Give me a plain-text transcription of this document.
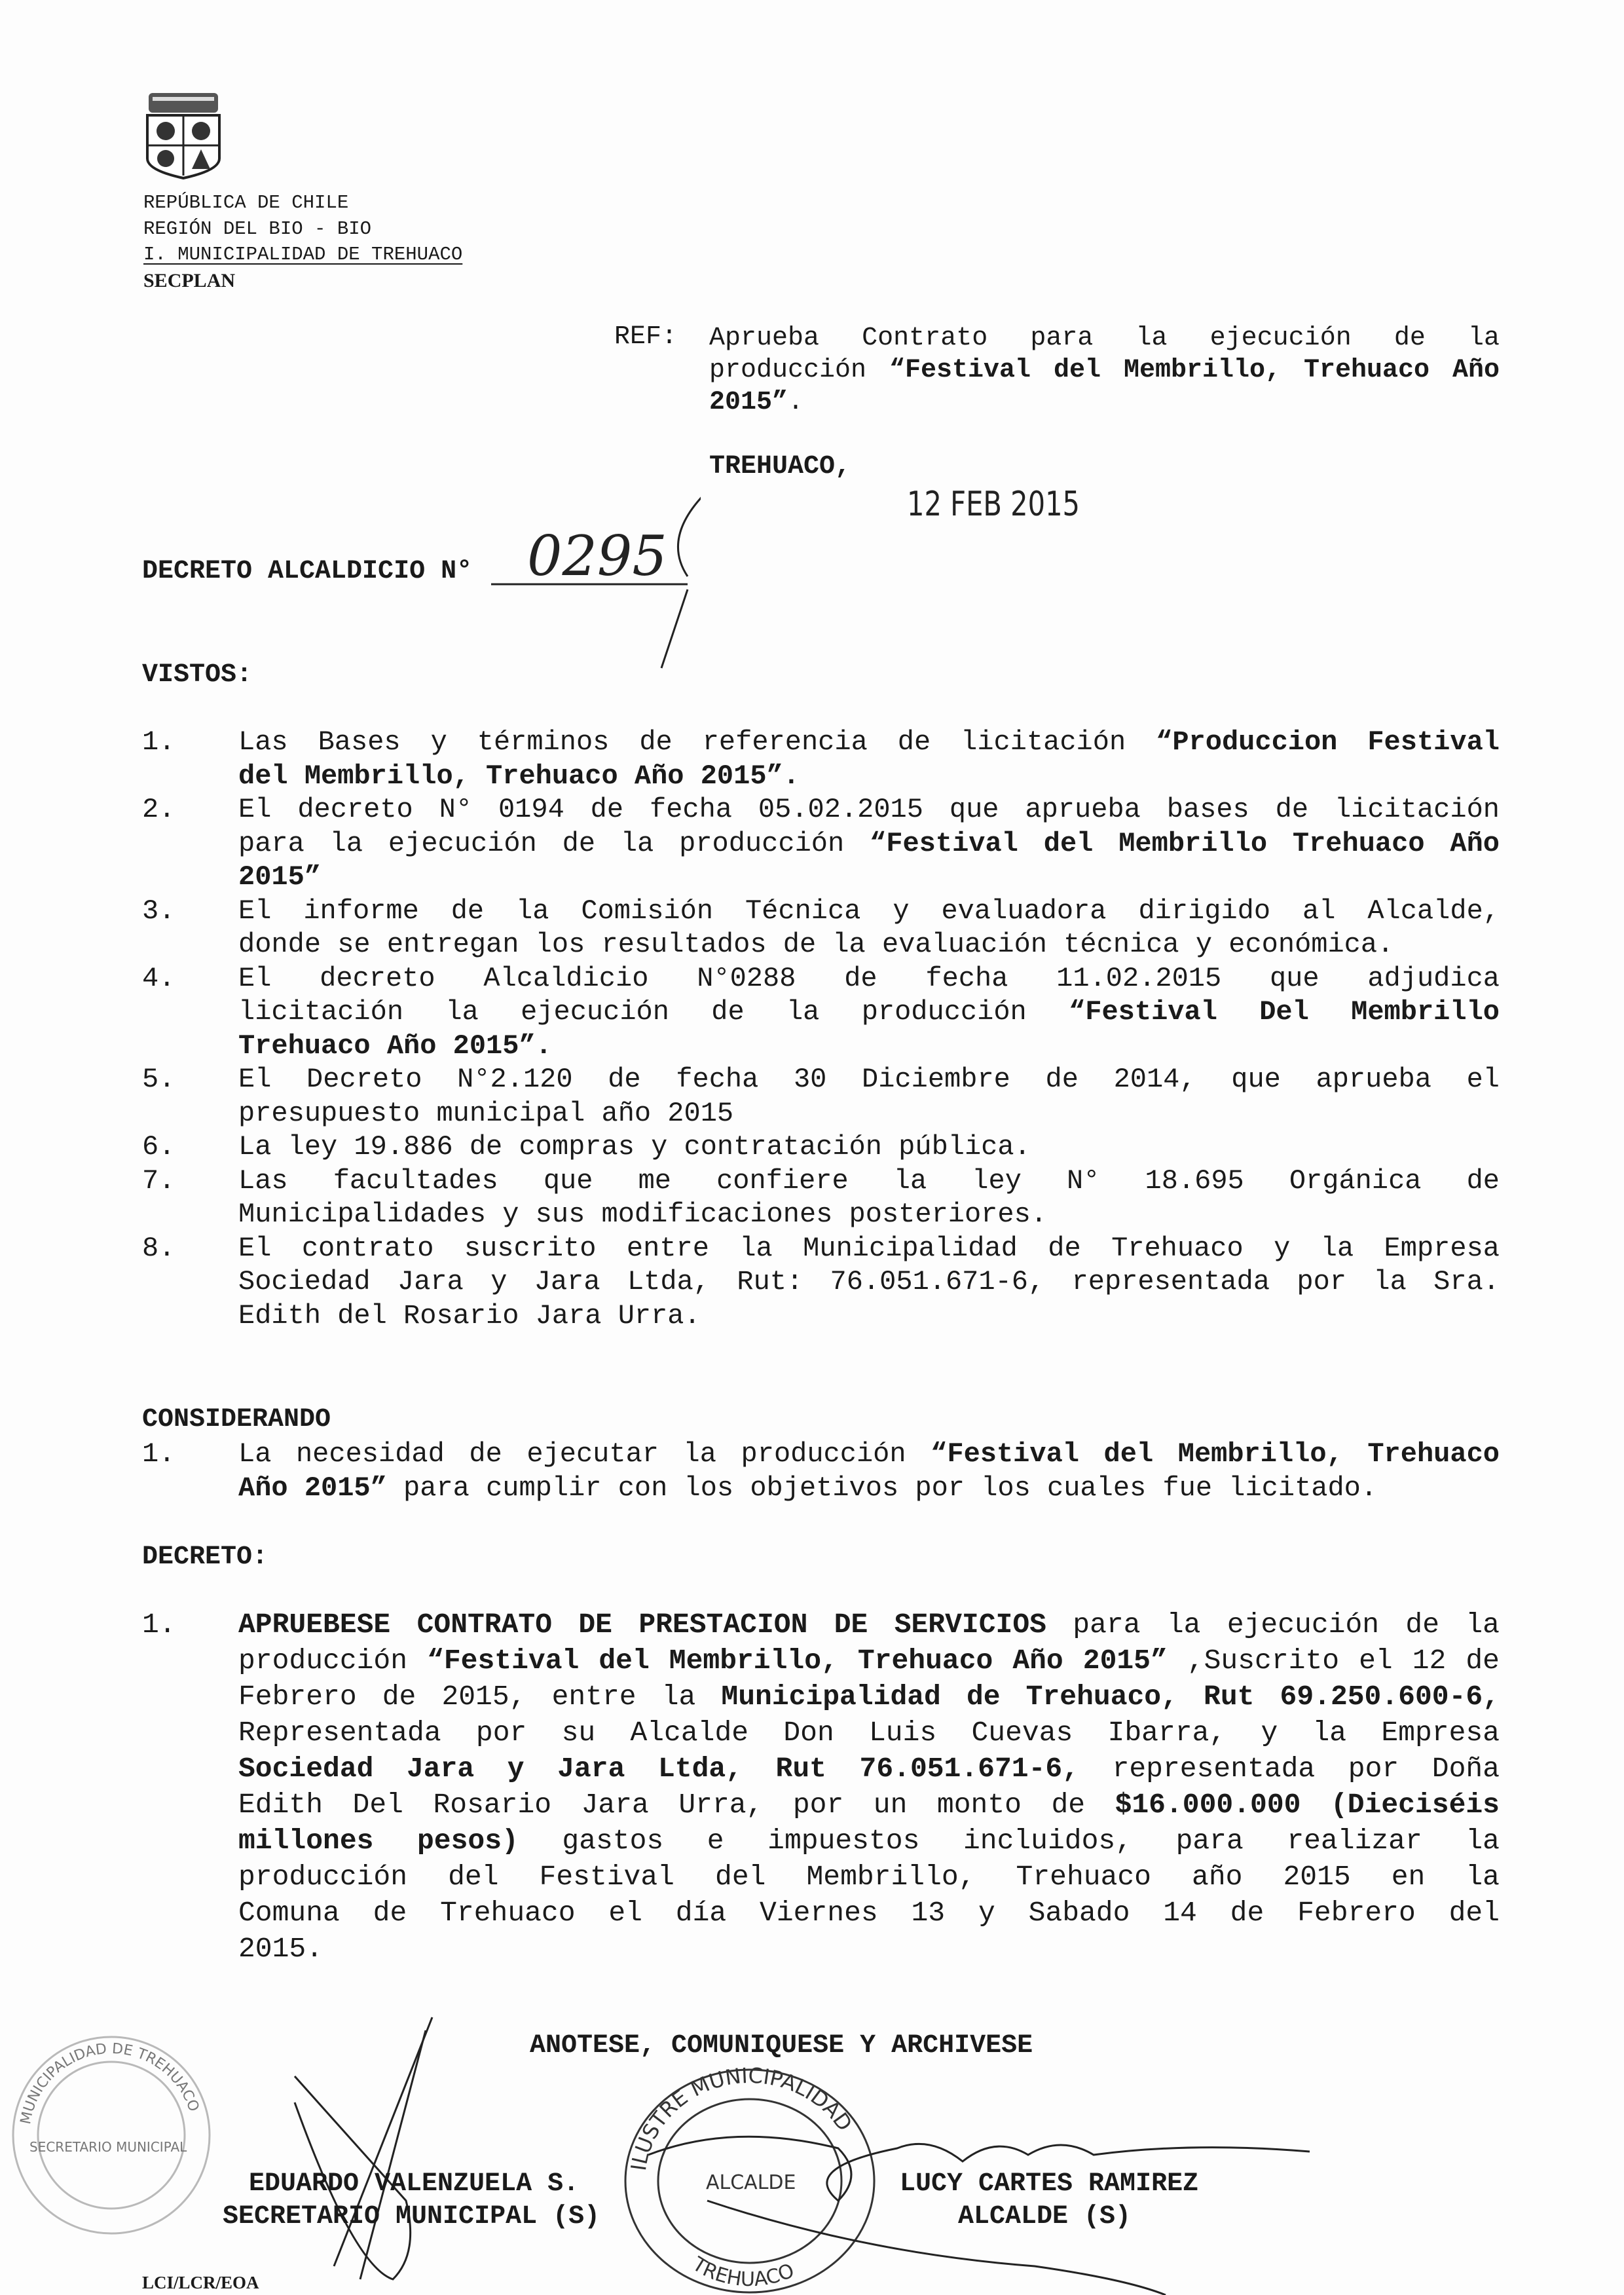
REPÚBLICA DE CHILE
REGIÓN DEL BIO - BIO
I. MUNICIPALIDAD DE TREHUACO
SECPLAN
REF: Aprueba Contrato para la ejecución de la
producción “Festival del Membrillo, Trehuaco Año
2015”.
TREHUACO,
12 FEB 2015
DECRETO ALCALDICIO N° 0295
VISTOS:
1. Las Bases y términos de referencia de licitación “Produccion Festival
del Membrillo, Trehuaco Año 2015”.
2. El decreto N° 0194 de fecha 05.02.2015 que aprueba bases de licitación
para la ejecución de la producción “Festival del Membrillo Trehuaco Año
2015”
3. El informe de la Comisión Técnica y evaluadora dirigido al Alcalde,
donde se entregan los resultados de la evaluación técnica y económica.
4. El decreto Alcaldicio N°0288 de fecha 11.02.2015 que adjudica
licitación la ejecución de la producción “Festival Del Membrillo
Trehuaco Año 2015”.
5. El Decreto N°2.120 de fecha 30 Diciembre de 2014, que aprueba el
presupuesto municipal año 2015
6. La ley 19.886 de compras y contratación pública.
7. Las facultades que me confiere la ley N° 18.695 Orgánica de
Municipalidades y sus modificaciones posteriores.
8. El contrato suscrito entre la Municipalidad de Trehuaco y la Empresa
Sociedad Jara y Jara Ltda, Rut: 76.051.671-6, representada por la Sra.
Edith del Rosario Jara Urra.
CONSIDERANDO
1. La necesidad de ejecutar la producción “Festival del Membrillo, Trehuaco
Año 2015” para cumplir con los objetivos por los cuales fue licitado.
DECRETO:
1. APRUEBESE CONTRATO DE PRESTACION DE SERVICIOS para la ejecución de la
producción “Festival del Membrillo, Trehuaco Año 2015” ,Suscrito el 12 de
Febrero de 2015, entre la Municipalidad de Trehuaco, Rut 69.250.600-6,
Representada por su Alcalde Don Luis Cuevas Ibarra, y la Empresa
Sociedad Jara y Jara Ltda, Rut 76.051.671-6, representada por Doña
Edith Del Rosario Jara Urra, por un monto de $16.000.000 (Dieciséis
millones pesos) gastos e impuestos incluidos, para realizar la
producción del Festival del Membrillo, Trehuaco año 2015 en la
Comuna de Trehuaco el día Viernes 13 y Sabado 14 de Febrero del
2015.
MUNICIPALIDAD DE TREHUACO
SECRETARIO MUNICIPAL
ILUSTRE MUNICIPALIDAD
ALCALDE
TREHUACO
ANOTESE, COMUNIQUESE Y ARCHIVESE
EDUARDO VALENZUELA S.
SECRETARIO MUNICIPAL (S)
LUCY CARTES RAMIREZ
ALCALDE (S)
LCI/LCR/EOA
